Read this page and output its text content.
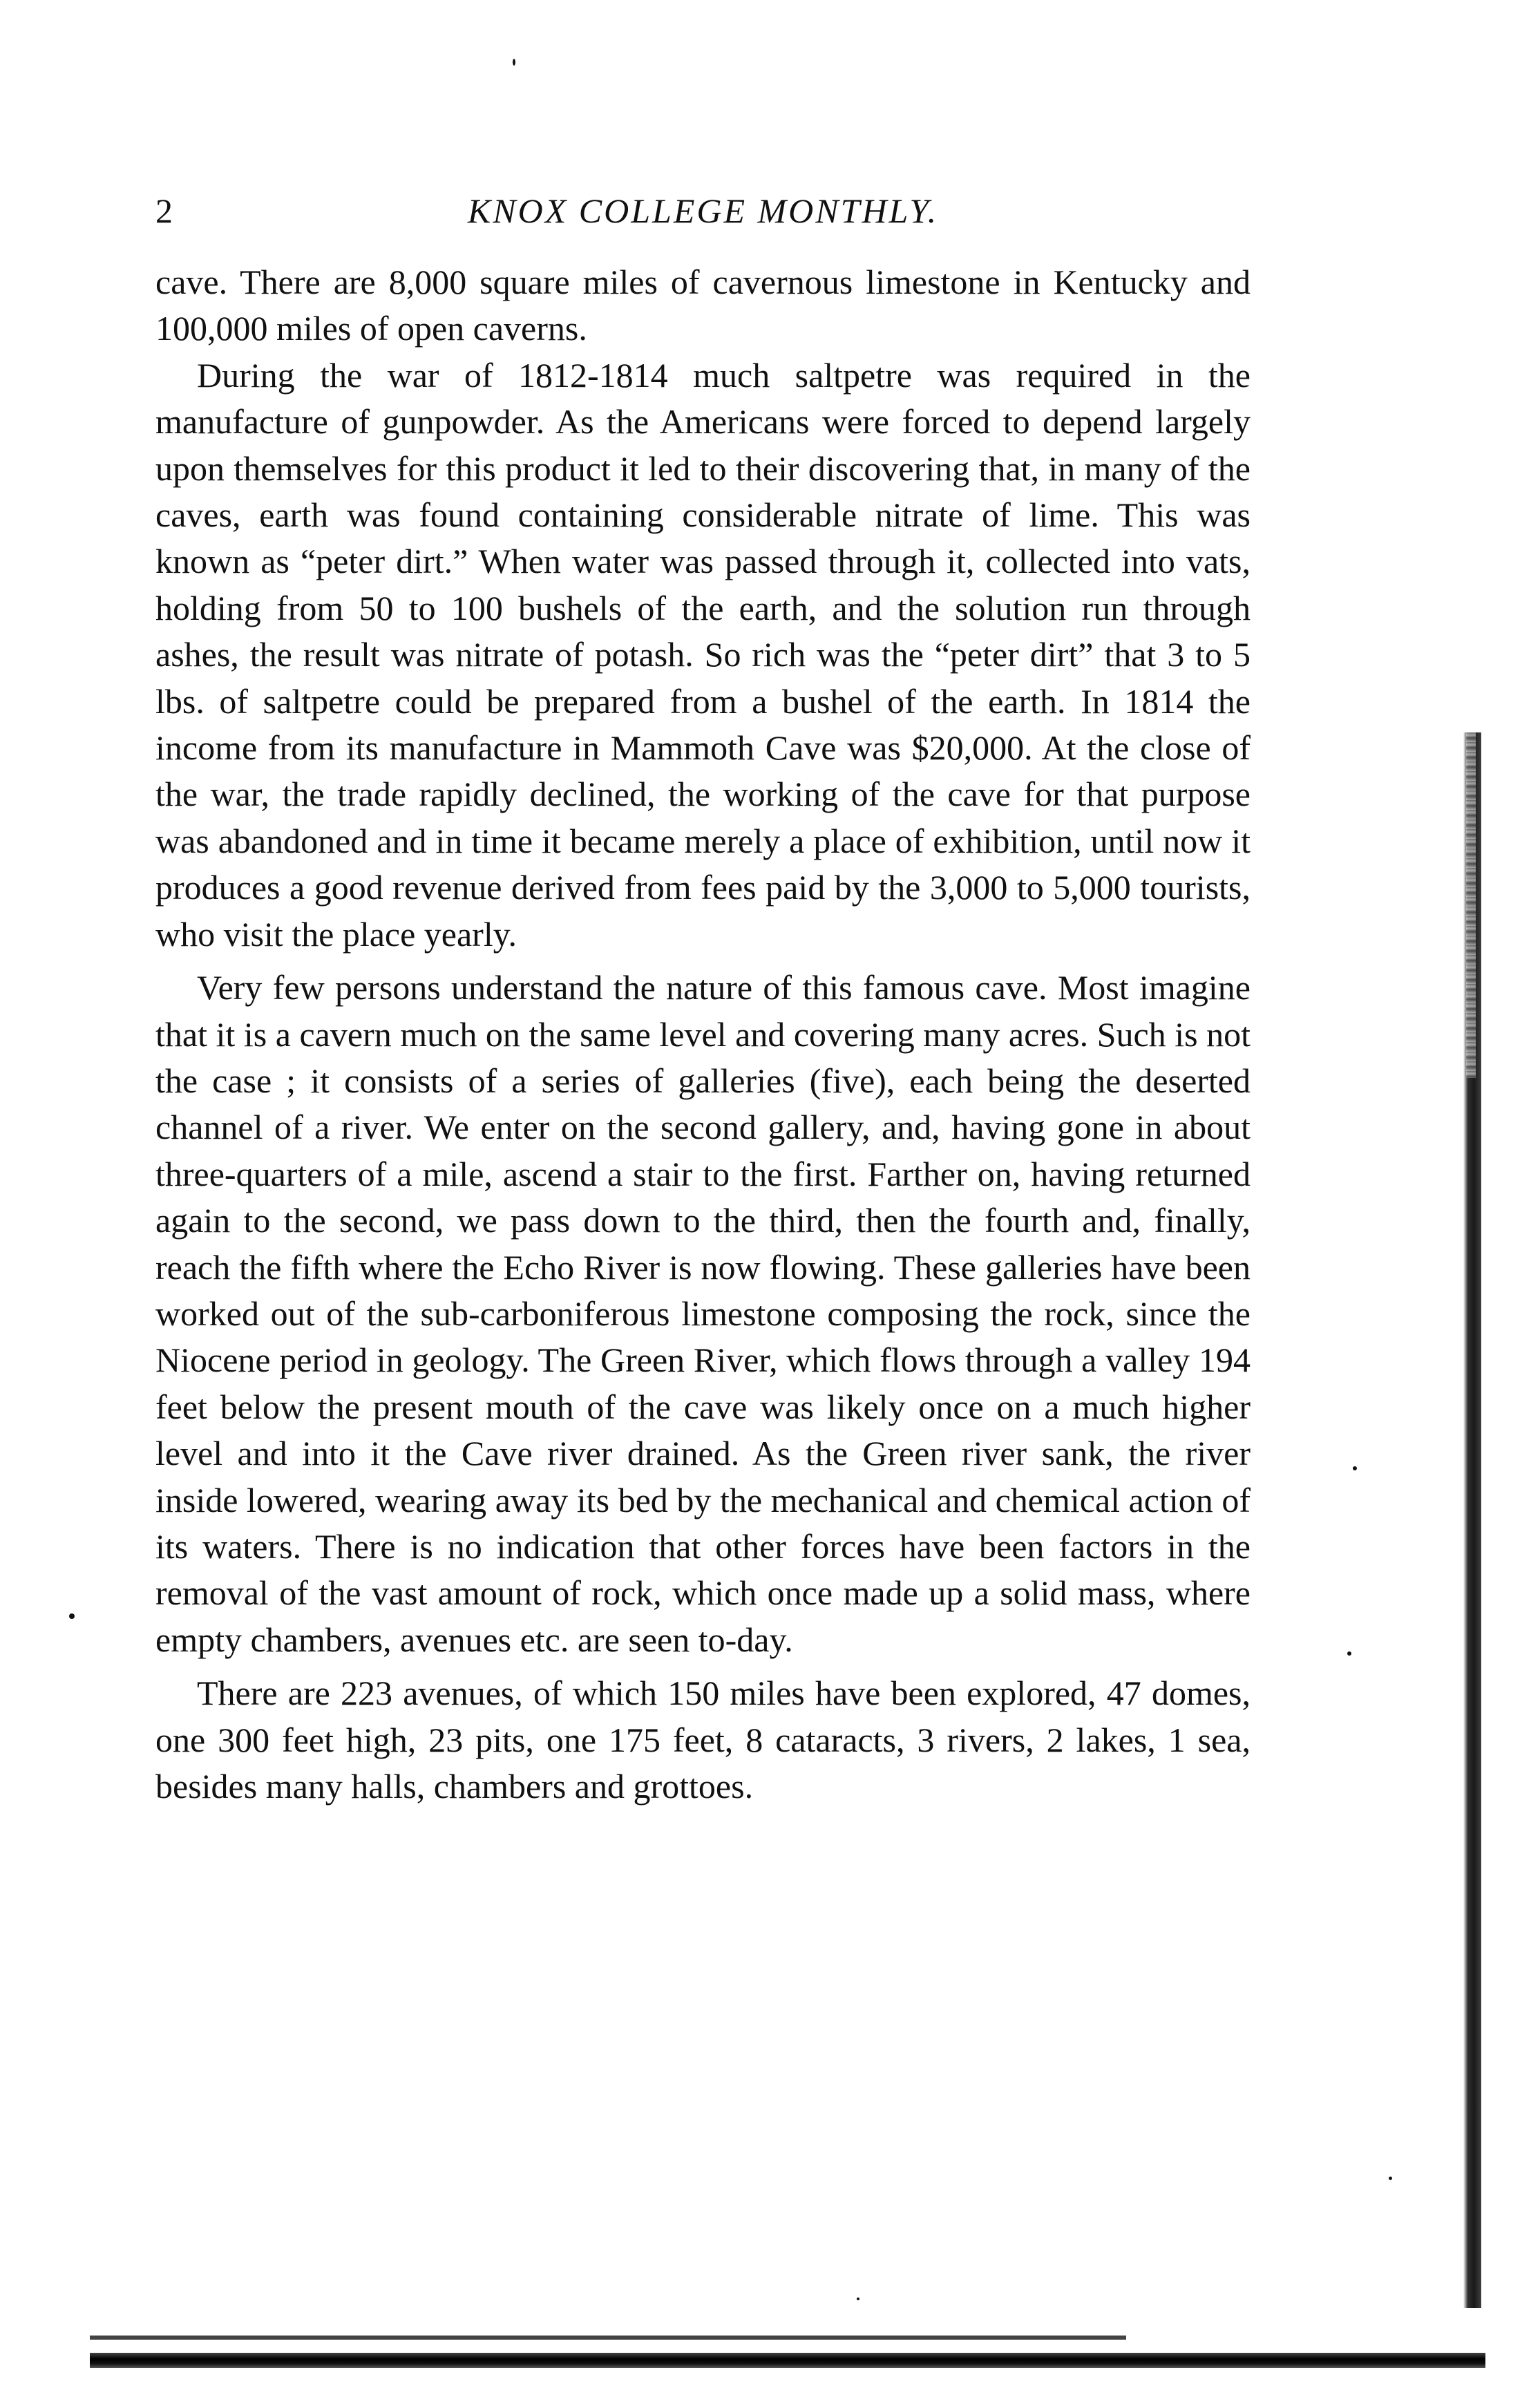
2	KNOX COLLEGE MONTHLY.

cave. There are 8,000 square miles of cavernous limestone in Kentucky and 100,000 miles of open caverns.

During the war of 1812-1814 much saltpetre was required in the manufacture of gunpowder. As the Americans were forced to depend largely upon themselves for this product it led to their discovering that, in many of the caves, earth was found containing considerable nitrate of lime. This was known as “peter dirt.” When water was passed through it, collected into vats, holding from 50 to 100 bushels of the earth, and the solution run through ashes, the result was nitrate of potash. So rich was the “peter dirt” that 3 to 5 lbs. of saltpetre could be prepared from a bushel of the earth. In 1814 the income from its manufacture in Mammoth Cave was $20,000. At the close of the war, the trade rapidly declined, the working of the cave for that purpose was abandoned and in time it became merely a place of exhibition, until now it produces a good revenue derived from fees paid by the 3,000 to 5,000 tourists, who visit the place yearly.

Very few persons understand the nature of this famous cave. Most imagine that it is a cavern much on the same level and covering many acres. Such is not the case ; it consists of a series of galleries (five), each being the deserted channel of a river. We enter on the second gallery, and, having gone in about three-quarters of a mile, ascend a stair to the first. Farther on, having returned again to the second, we pass down to the third, then the fourth and, finally, reach the fifth where the Echo River is now flowing. These galleries have been worked out of the sub-carboniferous limestone composing the rock, since the Niocene period in geology. The Green River, which flows through a valley 194 feet below the present mouth of the cave was likely once on a much higher level and into it the Cave river drained. As the Green river sank, the river inside lowered, wearing away its bed by the mechanical and chemical action of its waters. There is no indication that other forces have been factors in the removal of the vast amount of rock, which once made up a solid mass, where empty chambers, avenues etc. are seen to-day.

There are 223 avenues, of which 150 miles have been explored, 47 domes, one 300 feet high, 23 pits, one 175 feet, 8 cataracts, 3 rivers, 2 lakes, 1 sea, besides many halls, chambers and grottoes.
